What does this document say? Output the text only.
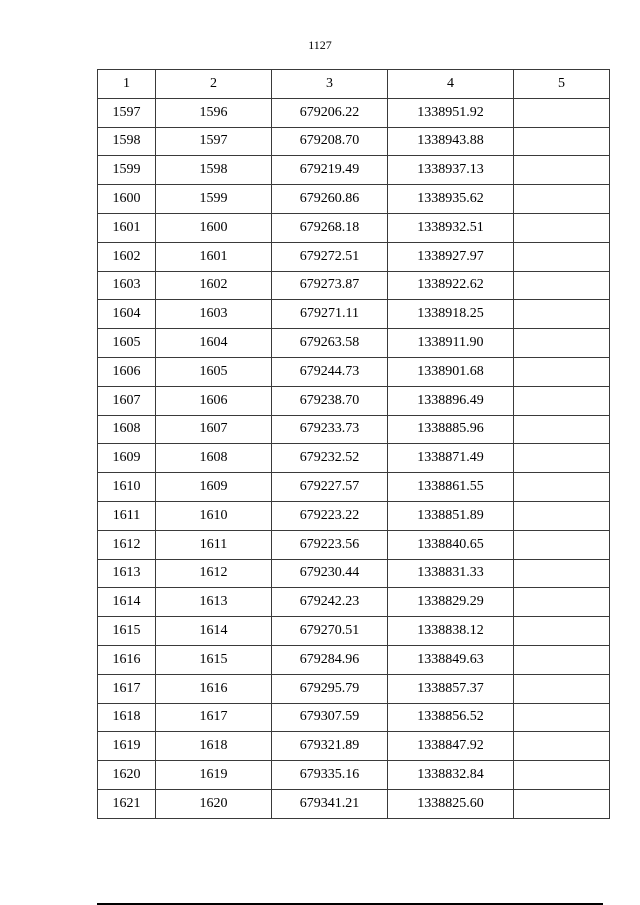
1127
1	2	3	4	5
1597	1596	679206.22	1338951.92	
1598	1597	679208.70	1338943.88	
1599	1598	679219.49	1338937.13	
1600	1599	679260.86	1338935.62	
1601	1600	679268.18	1338932.51	
1602	1601	679272.51	1338927.97	
1603	1602	679273.87	1338922.62	
1604	1603	679271.11	1338918.25	
1605	1604	679263.58	1338911.90	
1606	1605	679244.73	1338901.68	
1607	1606	679238.70	1338896.49	
1608	1607	679233.73	1338885.96	
1609	1608	679232.52	1338871.49	
1610	1609	679227.57	1338861.55	
1611	1610	679223.22	1338851.89	
1612	1611	679223.56	1338840.65	
1613	1612	679230.44	1338831.33	
1614	1613	679242.23	1338829.29	
1615	1614	679270.51	1338838.12	
1616	1615	679284.96	1338849.63	
1617	1616	679295.79	1338857.37	
1618	1617	679307.59	1338856.52	
1619	1618	679321.89	1338847.92	
1620	1619	679335.16	1338832.84	
1621	1620	679341.21	1338825.60	
